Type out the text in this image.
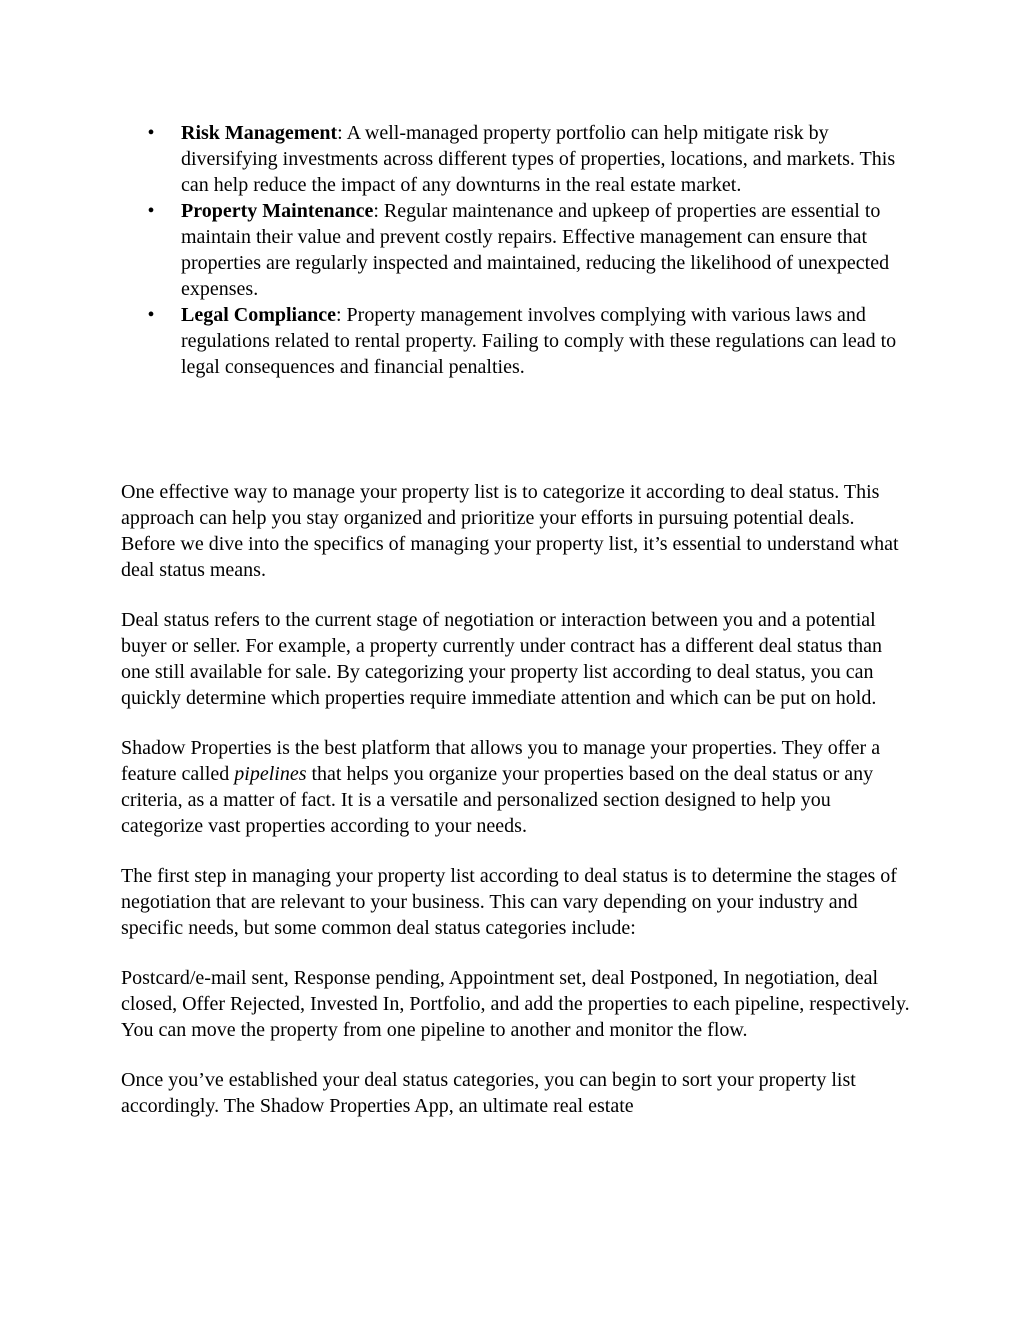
• Risk Management: A well-managed property portfolio can help mitigate risk by diversifying investments across different types of properties, locations, and markets. This can help reduce the impact of any downturns in the real estate market.
• Property Maintenance: Regular maintenance and upkeep of properties are essential to maintain their value and prevent costly repairs. Effective management can ensure that properties are regularly inspected and maintained, reducing the likelihood of unexpected expenses.
• Legal Compliance: Property management involves complying with various laws and regulations related to rental property. Failing to comply with these regulations can lead to legal consequences and financial penalties.

One effective way to manage your property list is to categorize it according to deal status. This approach can help you stay organized and prioritize your efforts in pursuing potential deals. Before we dive into the specifics of managing your property list, it’s essential to understand what deal status means.

Deal status refers to the current stage of negotiation or interaction between you and a potential buyer or seller. For example, a property currently under contract has a different deal status than one still available for sale. By categorizing your property list according to deal status, you can quickly determine which properties require immediate attention and which can be put on hold.

Shadow Properties is the best platform that allows you to manage your properties. They offer a feature called pipelines that helps you organize your properties based on the deal status or any criteria, as a matter of fact. It is a versatile and personalized section designed to help you categorize vast properties according to your needs.

The first step in managing your property list according to deal status is to determine the stages of negotiation that are relevant to your business. This can vary depending on your industry and specific needs, but some common deal status categories include:

Postcard/e-mail sent, Response pending, Appointment set, deal Postponed, In negotiation, deal closed, Offer Rejected, Invested In, Portfolio, and add the properties to each pipeline, respectively. You can move the property from one pipeline to another and monitor the flow.

Once you’ve established your deal status categories, you can begin to sort your property list accordingly. The Shadow Properties App, an ultimate real estate
